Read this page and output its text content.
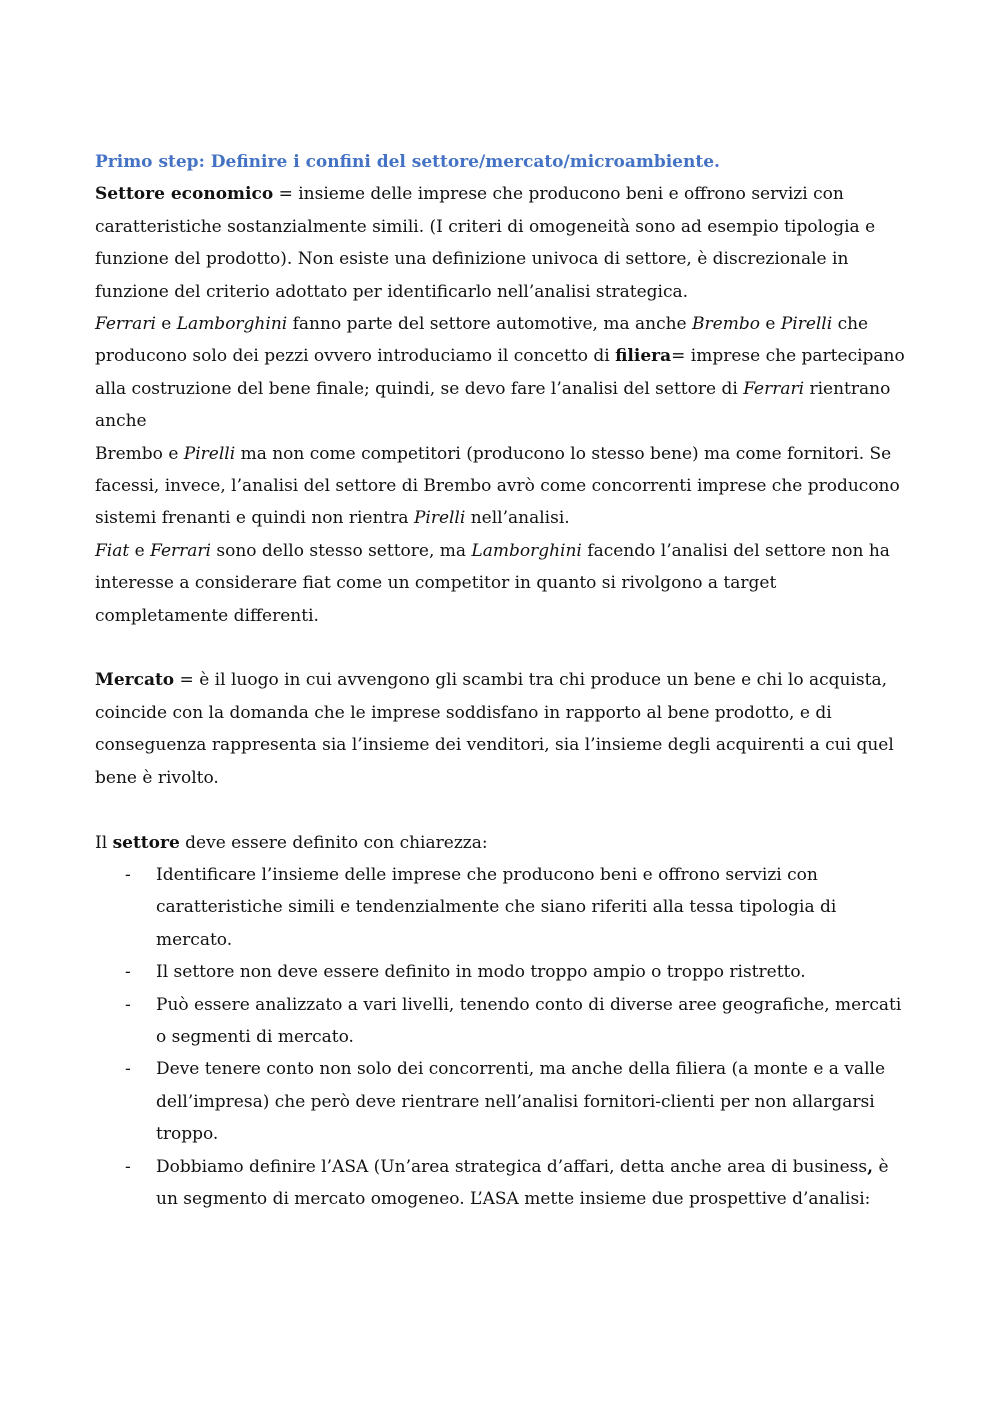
Primo step: Definire i confini del settore/mercato/microambiente.

Settore economico = insieme delle imprese che producono beni e offrono servizi con caratteristiche sostanzialmente simili. (I criteri di omogeneità sono ad esempio tipologia e funzione del prodotto). Non esiste una definizione univoca di settore, è discrezionale in funzione del criterio adottato per identificarlo nell’analisi strategica.

Ferrari e Lamborghini fanno parte del settore automotive, ma anche Brembo e Pirelli che producono solo dei pezzi ovvero introduciamo il concetto di filiera= imprese che partecipano alla costruzione del bene finale; quindi, se devo fare l’analisi del settore di Ferrari rientrano anche

Brembo e Pirelli ma non come competitori (producono lo stesso bene) ma come fornitori. Se facessi, invece, l’analisi del settore di Brembo avrò come concorrenti imprese che producono sistemi frenanti e quindi non rientra Pirelli nell’analisi.

Fiat e Ferrari sono dello stesso settore, ma Lamborghini facendo l’analisi del settore non ha interesse a considerare fiat come un competitor in quanto si rivolgono a target completamente differenti.

Mercato = è il luogo in cui avvengono gli scambi tra chi produce un bene e chi lo acquista, coincide con la domanda che le imprese soddisfano in rapporto al bene prodotto, e di conseguenza rappresenta sia l’insieme dei venditori, sia l’insieme degli acquirenti a cui quel bene è rivolto.

Il settore deve essere definito con chiarezza:

- Identificare l’insieme delle imprese che producono beni e offrono servizi con caratteristiche simili e tendenzialmente che siano riferiti alla tessa tipologia di mercato.
- Il settore non deve essere definito in modo troppo ampio o troppo ristretto.
- Può essere analizzato a vari livelli, tenendo conto di diverse aree geografiche, mercati o segmenti di mercato.
- Deve tenere conto non solo dei concorrenti, ma anche della filiera (a monte e a valle dell’impresa) che però deve rientrare nell’analisi fornitori-clienti per non allargarsi troppo.
- Dobbiamo definire l’ASA (Un’area strategica d’affari, detta anche area di business, è un segmento di mercato omogeneo. L’ASA mette insieme due prospettive d’analisi:
